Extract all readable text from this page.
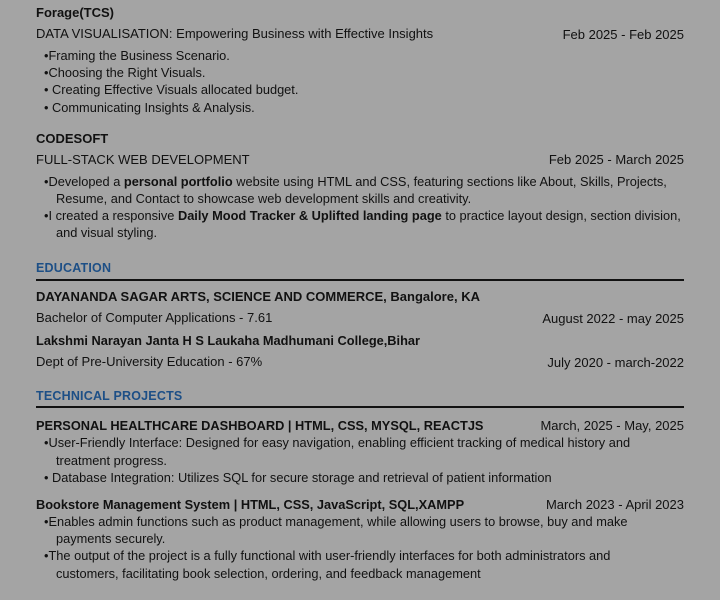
Forage(TCS)
DATA VISUALISATION: Empowering Business with Effective Insights	Feb 2025 - Feb 2025
•Framing the Business Scenario.
•Choosing the Right Visuals.
• Creating Effective Visuals allocated budget.
• Communicating Insights & Analysis.
CODESOFT
FULL-STACK WEB DEVELOPMENT	Feb 2025 - March 2025
•Developed a personal portfolio website using HTML and CSS, featuring sections like About, Skills, Projects,
Resume, and Contact to showcase web development skills and creativity.
•I created a responsive Daily Mood Tracker & Uplifted landing page to practice layout design, section division,
and visual styling.
EDUCATION
DAYANANDA SAGAR ARTS, SCIENCE AND COMMERCE, Bangalore, KA
Bachelor of Computer Applications - 7.61	August 2022 - may 2025
Lakshmi Narayan Janta H S Laukaha Madhumani College,Bihar
Dept of Pre-University Education - 67%	July 2020 - march-2022
TECHNICAL PROJECTS
PERSONAL HEALTHCARE DASHBOARD | HTML, CSS, MYSQL, REACTJS	March, 2025 - May, 2025
•User-Friendly Interface: Designed for easy navigation, enabling efficient tracking of medical history and
treatment progress.
• Database Integration: Utilizes SQL for secure storage and retrieval of patient information
Bookstore Management System | HTML, CSS, JavaScript, SQL,XAMPP	March 2023 - April 2023
•Enables admin functions such as product management, while allowing users to browse, buy and make
payments securely.
•The output of the project is a fully functional with user-friendly interfaces for both administrators and
customers, facilitating book selection, ordering, and feedback management
